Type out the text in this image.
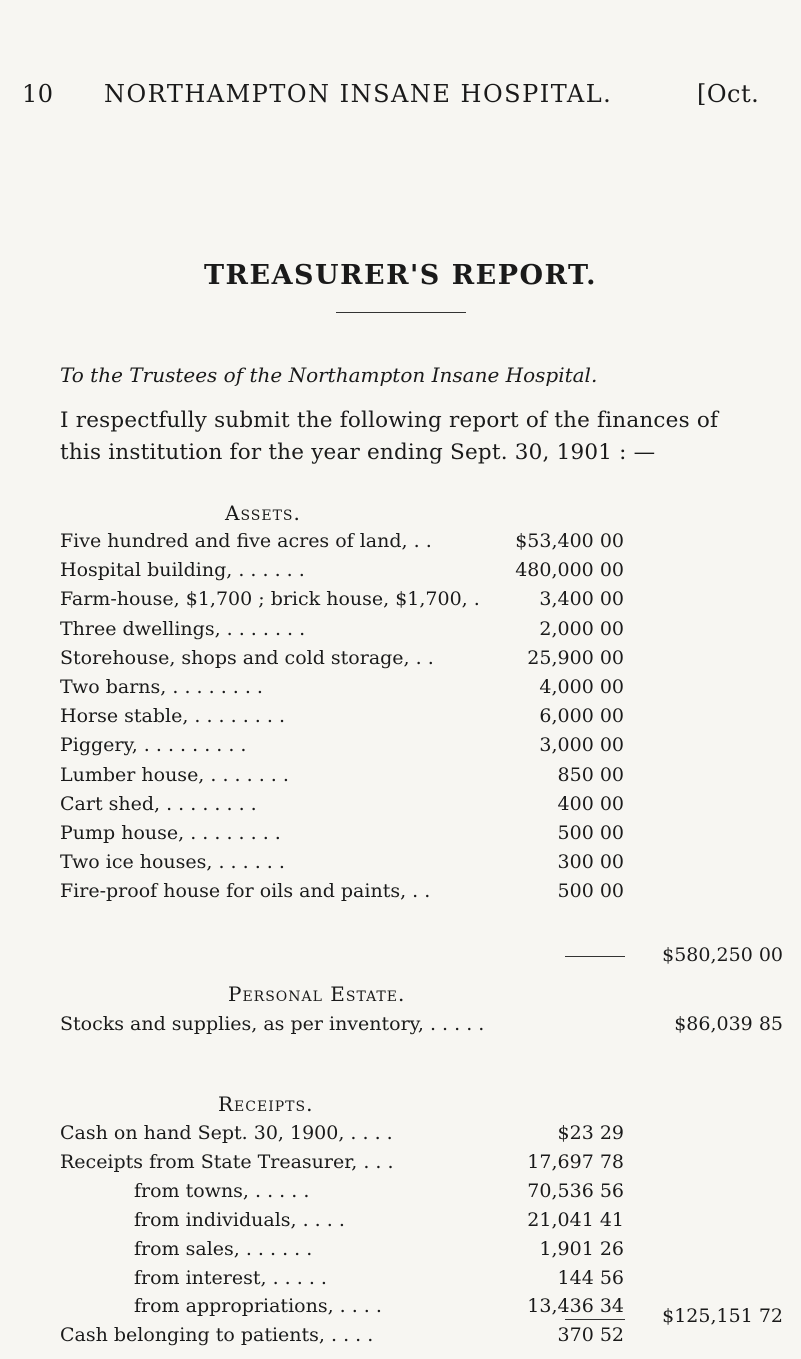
10 NORTHAMPTON INSANE HOSPITAL.	[Oct.
TREASURER'S REPORT.
To the Trustees of the Northampton Insane Hospital.
I respectfully submit the following report of the finances of
this institution for the year ending Sept. 30, 1901 : —
Assets.
Five hundred and five acres of land, . .	$53,400 00
Hospital building, . . . . . .	480,000 00
Farm-house, $1,700 ; brick house, $1,700, .	3,400 00
Three dwellings, . . . . . . .	2,000 00
Storehouse, shops and cold storage, . .	25,900 00
Two barns, . . . . . . . .	4,000 00
Horse stable, . . . . . . . .	6,000 00
Piggery, . . . . . . . . .	3,000 00
Lumber house, . . . . . . .	850 00
Cart shed, . . . . . . . .	400 00
Pump house, . . . . . . . .	500 00
Two ice houses, . . . . . .	300 00
Fire-proof house for oils and paints, . .	500 00
$580,250 00
Personal Estate.
Stocks and supplies, as per inventory, . . . . .	$86,039 85
Receipts.
Cash on hand Sept. 30, 1900, . . . .	$23 29
Receipts from State Treasurer, . . .	17,697 78
from towns, . . . . .	70,536 56
from individuals, . . . .	21,041 41
from sales, . . . . . .	1,901 26
from interest, . . . . .	144 56
from appropriations, . . . .	13,436 34
Cash belonging to patients, . . . .	370 52
$125,151 72
